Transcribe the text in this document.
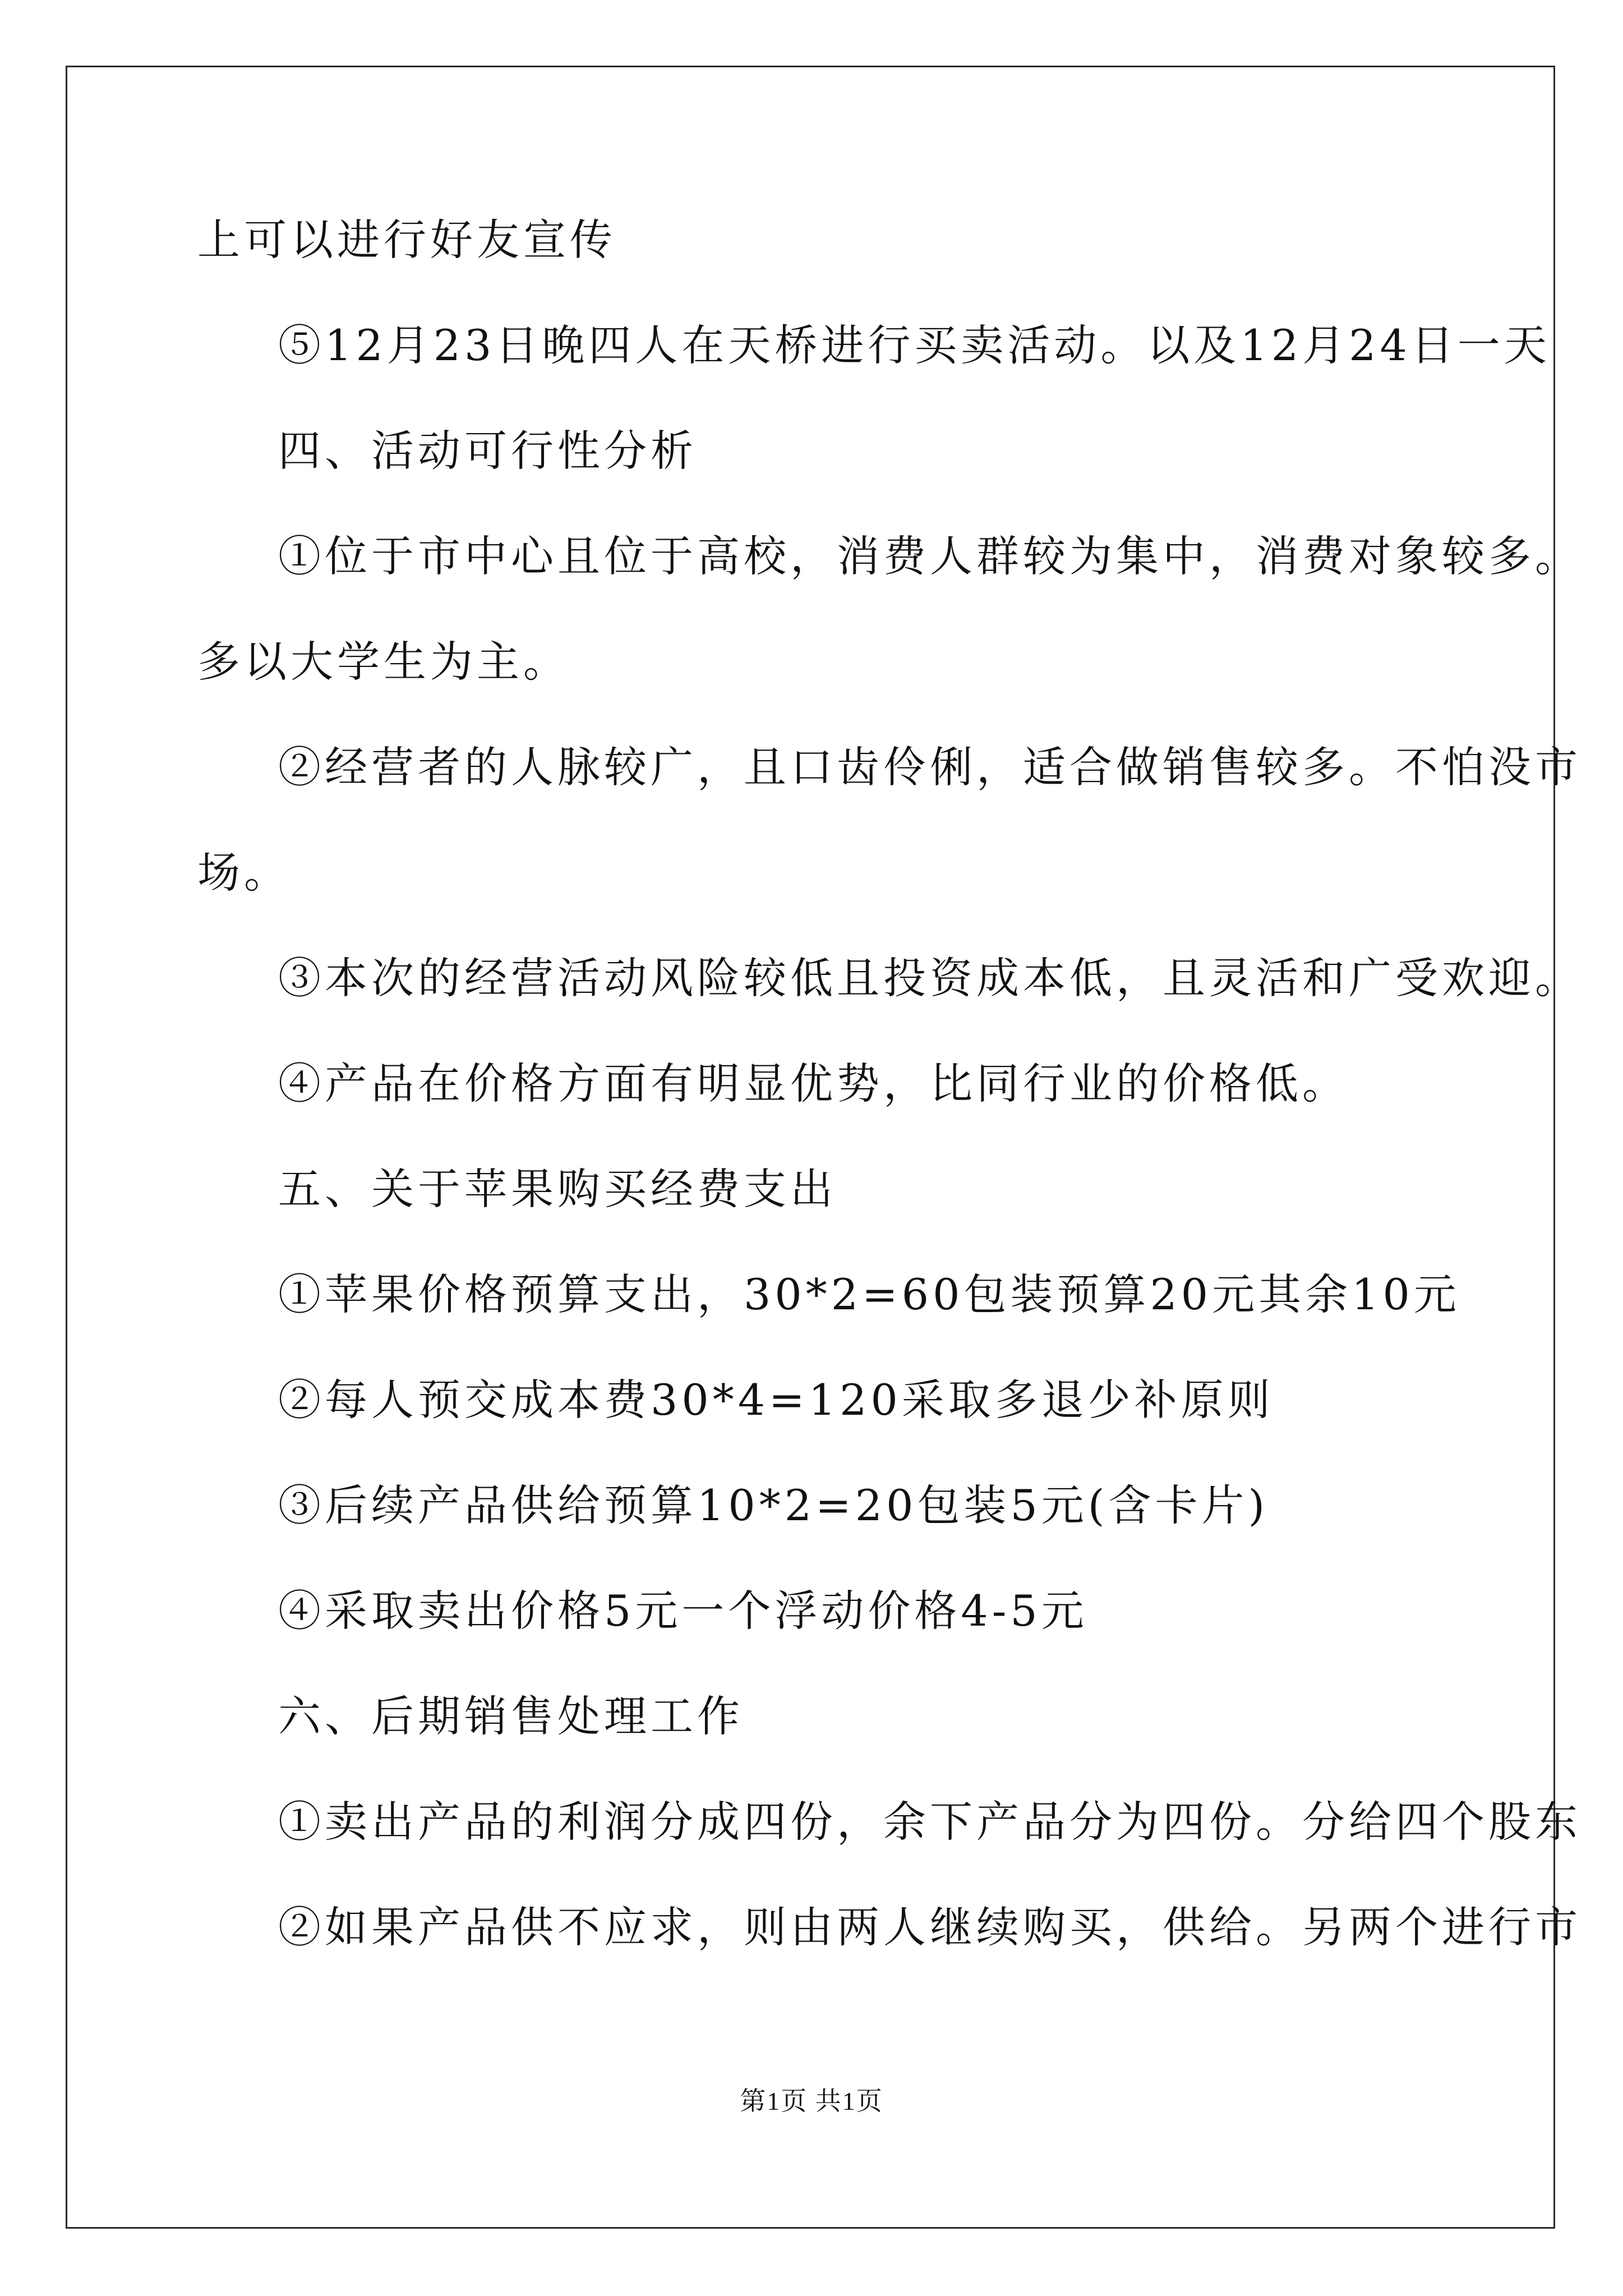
上可以进行好友宣传
⑤12月23日晚四人在天桥进行买卖活动。以及12月24日一天
四、活动可行性分析
①位于市中心且位于高校，消费人群较为集中，消费对象较多。
多以大学生为主。
②经营者的人脉较广，且口齿伶俐，适合做销售较多。不怕没市
场。
③本次的经营活动风险较低且投资成本低，且灵活和广受欢迎。
④产品在价格方面有明显优势，比同行业的价格低。
五、关于苹果购买经费支出
①苹果价格预算支出，30*2=60包装预算20元其余10元
②每人预交成本费30*4=120采取多退少补原则
③后续产品供给预算10*2=20包装5元(含卡片)
④采取卖出价格5元一个浮动价格4-5元
六、后期销售处理工作
①卖出产品的利润分成四份，余下产品分为四份。分给四个股东
②如果产品供不应求，则由两人继续购买，供给。另两个进行市
第1页 共1页
